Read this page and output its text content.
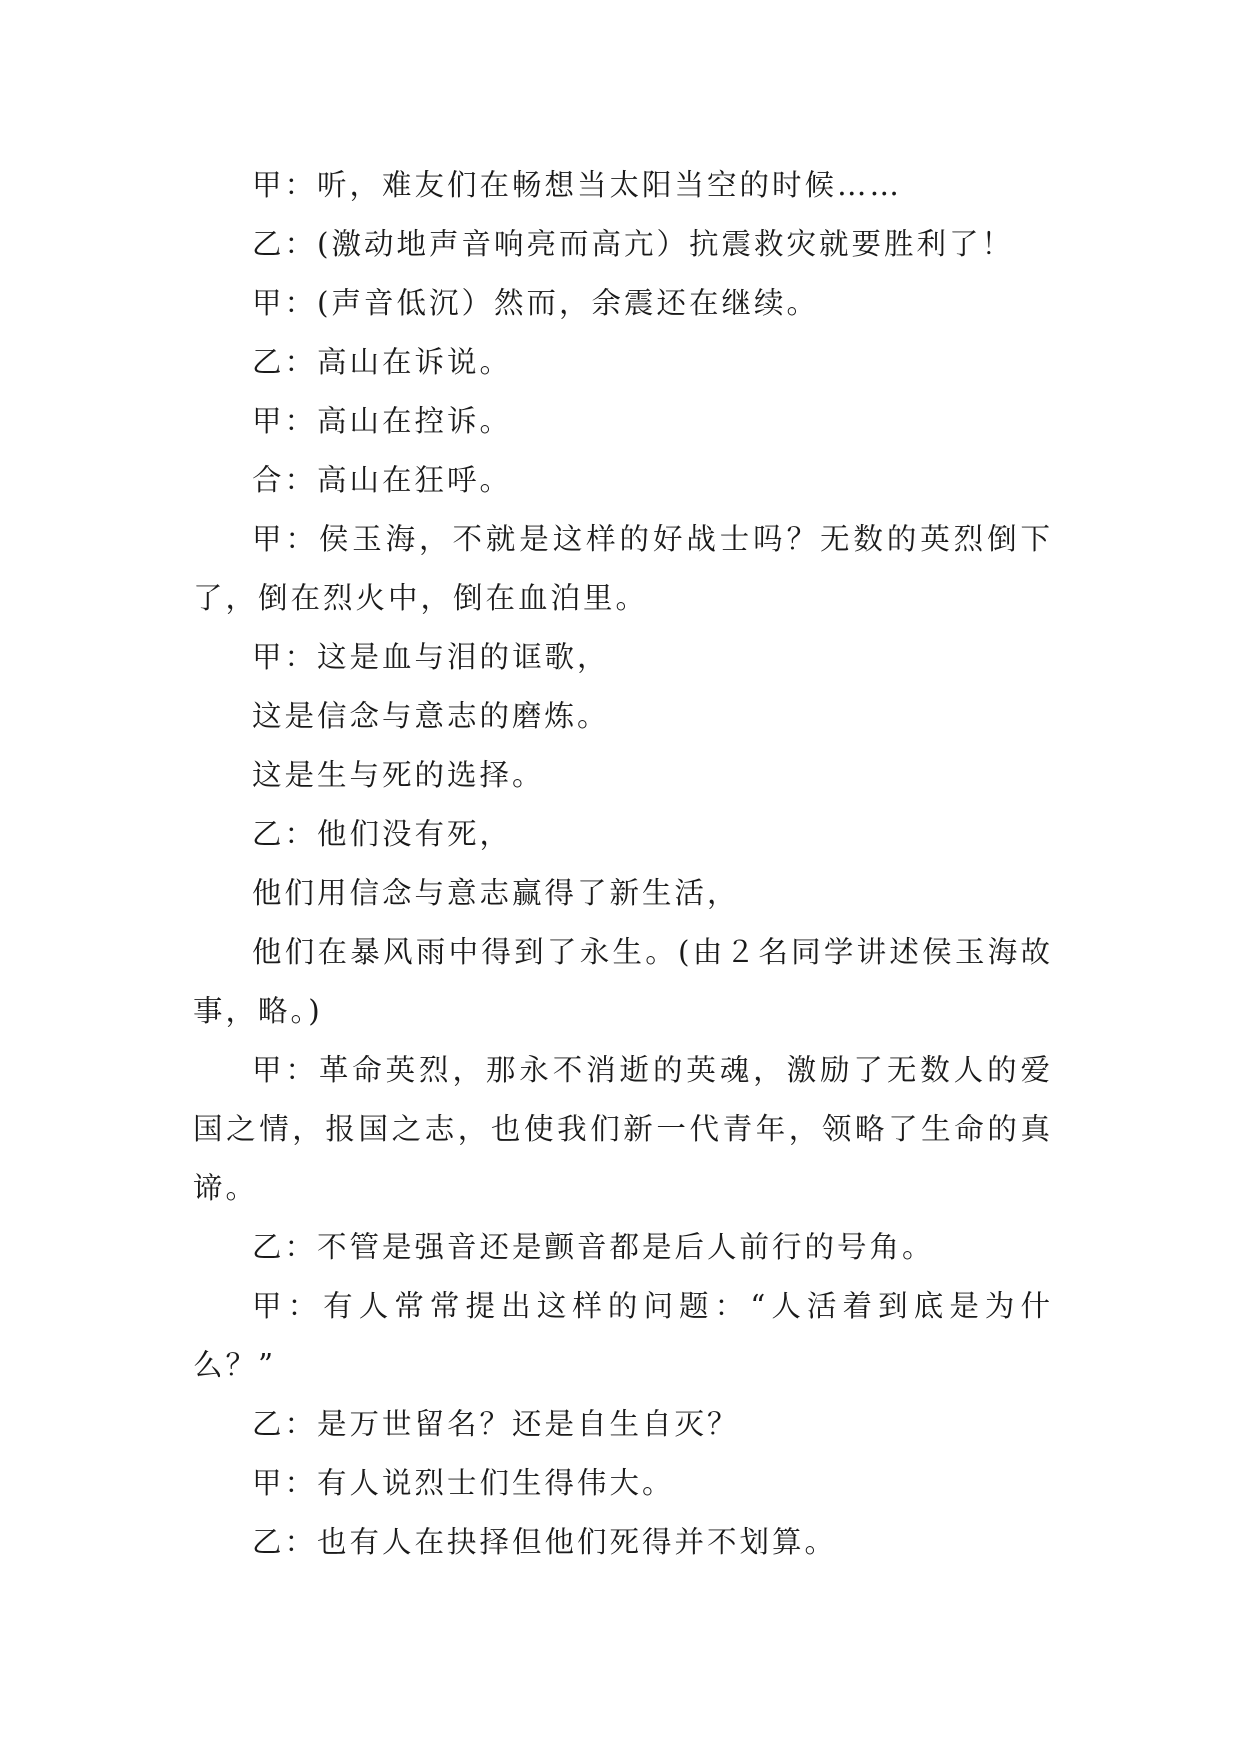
甲：听，难友们在畅想当太阳当空的时候……

乙：(激动地声音响亮而高亢）抗震救灾就要胜利了！

甲：(声音低沉）然而，余震还在继续。

乙：高山在诉说。

甲：高山在控诉。

合：高山在狂呼。

甲：侯玉海，不就是这样的好战士吗？无数的英烈倒下了，倒在烈火中，倒在血泊里。

甲：这是血与泪的诓歌，

这是信念与意志的磨炼。

这是生与死的选择。

乙：他们没有死，

他们用信念与意志赢得了新生活，

他们在暴风雨中得到了永生。(由２名同学讲述侯玉海故事，略。)

甲：革命英烈，那永不消逝的英魂，激励了无数人的爱国之情，报国之志，也使我们新一代青年，领略了生命的真谛。

乙：不管是强音还是颤音都是后人前行的号角。

甲：有人常常提出这样的问题：“人活着到底是为什么？”

乙：是万世留名？还是自生自灭？

甲：有人说烈士们生得伟大。

乙：也有人在抉择但他们死得并不划算。
